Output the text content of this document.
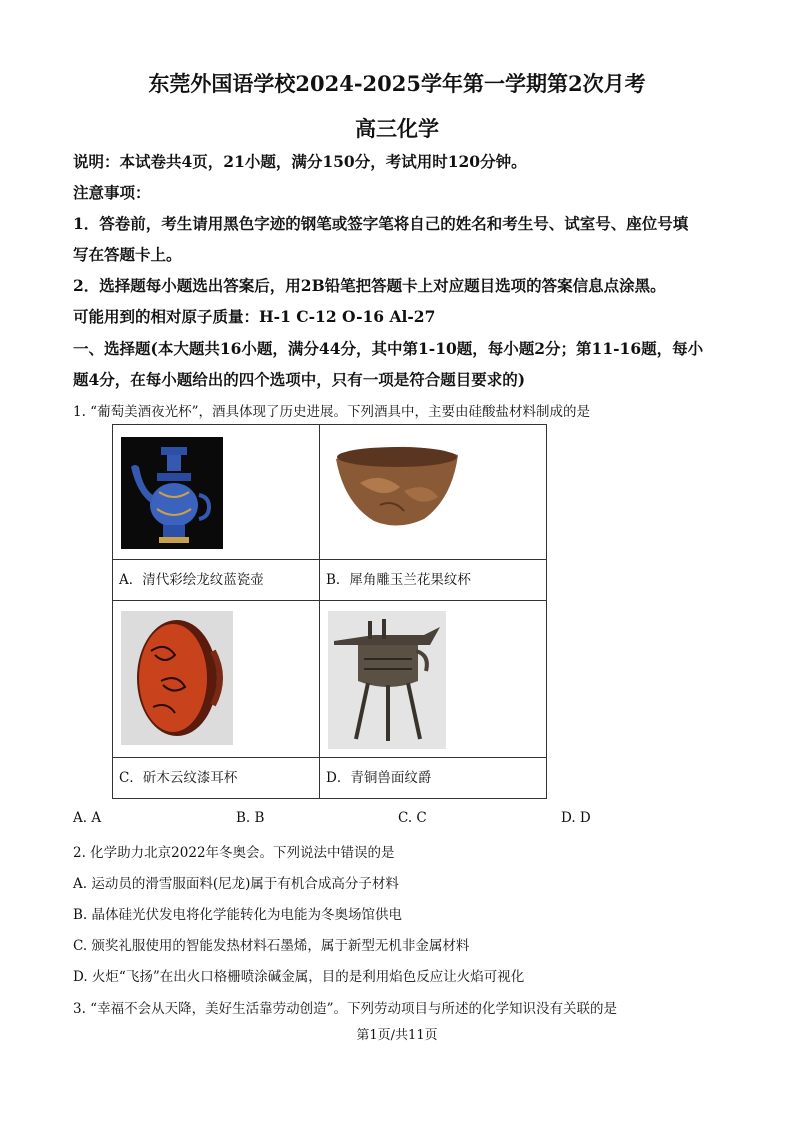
东莞外国语学校2024-2025学年第一学期第2次月考
高三化学
说明：本试卷共4页，21小题，满分150分，考试用时120分钟。
注意事项：
1．答卷前，考生请用黑色字迹的钢笔或签字笔将自己的姓名和考生号、试室号、座位号填
写在答题卡上。
2．选择题每小题选出答案后，用2B铅笔把答题卡上对应题目选项的答案信息点涂黑。
可能用到的相对原子质量：H-1 C-12 O-16 Al-27
一、选择题(本大题共16小题，满分44分，其中第1-10题，每小题2分；第11-16题，每小
题4分，在每小题给出的四个选项中，只有一项是符合题目要求的)
1. “葡萄美酒夜光杯”，酒具体现了历史进展。下列酒具中，主要由硅酸盐材料制成的是

A．清代彩绘龙纹蓝瓷壶	B．犀角雕玉兰花果纹杯

C．斫木云纹漆耳杯	D．青铜兽面纹爵
A. A	B. B	C. C	D. D
2. 化学助力北京2022年冬奥会。下列说法中错误的是
A. 运动员的滑雪服面料(尼龙)属于有机合成高分子材料
B. 晶体硅光伏发电将化学能转化为电能为冬奥场馆供电
C. 颁奖礼服使用的智能发热材料石墨烯，属于新型无机非金属材料
D. 火炬“飞扬”在出火口格栅喷涂碱金属，目的是利用焰色反应让火焰可视化
3. “幸福不会从天降，美好生活靠劳动创造”。下列劳动项目与所述的化学知识没有关联的是
第1页/共11页
